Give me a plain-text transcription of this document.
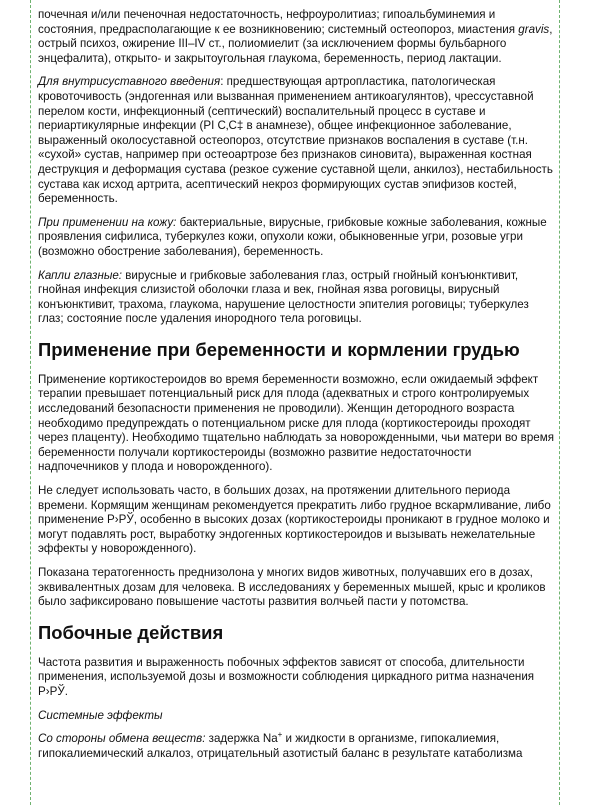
почечная и/или печеночная недостаточность, нефроуролитиаз; гипоальбуминемия и состояния, предрасполагающие к ее возникновению; системный остеопороз, миастения gravis, острый психоз, ожирение III–IV ст., полиомиелит (за исключением формы бульбарного энцефалита), открыто- и закрытоугольная глаукома, беременность, период лактации.

Для внутрисуставного введения: предшествующая артропластика, патологическая кровоточивость (эндогенная или вызванная применением антикоагулянтов), чрессуставной перелом кости, инфекционный (септический) воспалительный процесс в суставе и периартикулярные инфекции (РІ С‚С‡ в анамнезе), общее инфекционное заболевание, выраженный околосуставной остеопороз, отсутствие признаков воспаления в суставе (т.н. «сухой» сустав, например при остеоартрозе без признаков синовита), выраженная костная деструкция и деформация сустава (резкое сужение суставной щели, анкилоз), нестабильность сустава как исход артрита, асептический некроз формирующих сустав эпифизов костей, беременность.

При применении на кожу: бактериальные, вирусные, грибковые кожные заболевания, кожные проявления сифилиса, туберкулез кожи, опухоли кожи, обыкновенные угри, розовые угри (возможно обострение заболевания), беременность.

Капли глазные: вирусные и грибковые заболевания глаз, острый гнойный конъюнктивит, гнойная инфекция слизистой оболочки глаза и век, гнойная язва роговицы, вирусный конъюнктивит, трахома, глаукома, нарушение целостности эпителия роговицы; туберкулез глаз; состояние после удаления инородного тела роговицы.

Применение при беременности и кормлении грудью

Применение кортикостероидов во время беременности возможно, если ожидаемый эффект терапии превышает потенциальный риск для плода (адекватных и строго контролируемых исследований безопасности применения не проводили). Женщин детородного возраста необходимо предупреждать о потенциальном риске для плода (кортикостероиды проходят через плаценту). Необходимо тщательно наблюдать за новорожденными, чьи матери во время беременности получали кортикостероиды (возможно развитие недостаточности надпочечников у плода и новорожденного).

Не следует использовать часто, в больших дозах, на протяжении длительного периода времени. Кормящим женщинам рекомендуется прекратить либо грудное вскармливание, либо применение Р›РЎ, особенно в высоких дозах (кортикостероиды проникают в грудное молоко и могут подавлять рост, выработку эндогенных кортикостероидов и вызывать нежелательные эффекты у новорожденного).

Показана тератогенность преднизолона у многих видов животных, получавших его в дозах, эквивалентных дозам для человека. В исследованиях у беременных мышей, крыс и кроликов было зафиксировано повышение частоты развития волчьей пасти у потомства.

Побочные действия

Частота развития и выраженность побочных эффектов зависят от способа, длительности применения, используемой дозы и возможности соблюдения циркадного ритма назначения Р›РЎ.

Системные эффекты

Со стороны обмена веществ: задержка Na+ и жидкости в организме, гипокалиемия, гипокалиемический алкалоз, отрицательный азотистый баланс в результате катаболизма
